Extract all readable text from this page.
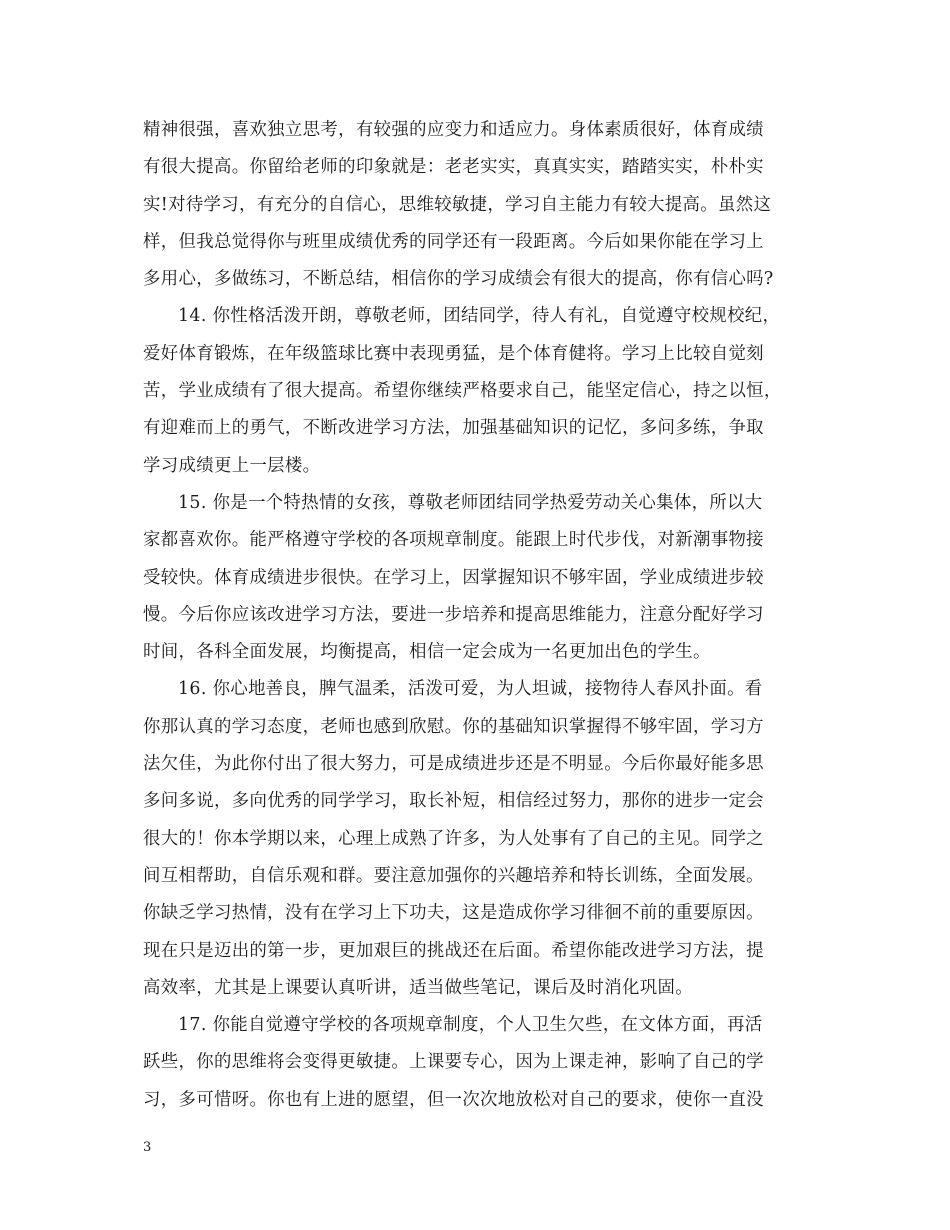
精神很强，喜欢独立思考，有较强的应变力和适应力。身体素质很好，体育成绩
有很大提高。你留给老师的印象就是：老老实实，真真实实，踏踏实实，朴朴实
实!对待学习，有充分的自信心，思维较敏捷，学习自主能力有较大提高。虽然这
样，但我总觉得你与班里成绩优秀的同学还有一段距离。今后如果你能在学习上
多用心，多做练习，不断总结，相信你的学习成绩会有很大的提高，你有信心吗?
14. 你性格活泼开朗，尊敬老师，团结同学，待人有礼，自觉遵守校规校纪，
爱好体育锻炼，在年级篮球比赛中表现勇猛，是个体育健将。学习上比较自觉刻
苦，学业成绩有了很大提高。希望你继续严格要求自己，能坚定信心，持之以恒，
有迎难而上的勇气，不断改进学习方法，加强基础知识的记忆，多问多练，争取
学习成绩更上一层楼。
15. 你是一个特热情的女孩，尊敬老师团结同学热爱劳动关心集体，所以大
家都喜欢你。能严格遵守学校的各项规章制度。能跟上时代步伐，对新潮事物接
受较快。体育成绩进步很快。在学习上，因掌握知识不够牢固，学业成绩进步较
慢。今后你应该改进学习方法，要进一步培养和提高思维能力，注意分配好学习
时间，各科全面发展，均衡提高，相信一定会成为一名更加出色的学生。
16. 你心地善良，脾气温柔，活泼可爱，为人坦诚，接物待人春风扑面。看
你那认真的学习态度，老师也感到欣慰。你的基础知识掌握得不够牢固，学习方
法欠佳，为此你付出了很大努力，可是成绩进步还是不明显。今后你最好能多思
多问多说，多向优秀的同学学习，取长补短，相信经过努力，那你的进步一定会
很大的！你本学期以来，心理上成熟了许多，为人处事有了自己的主见。同学之
间互相帮助，自信乐观和群。要注意加强你的兴趣培养和特长训练，全面发展。
你缺乏学习热情，没有在学习上下功夫，这是造成你学习徘徊不前的重要原因。
现在只是迈出的第一步，更加艰巨的挑战还在后面。希望你能改进学习方法，提
高效率，尤其是上课要认真听讲，适当做些笔记，课后及时消化巩固。
17. 你能自觉遵守学校的各项规章制度，个人卫生欠些，在文体方面，再活
跃些，你的思维将会变得更敏捷。上课要专心，因为上课走神，影响了自己的学
习，多可惜呀。你也有上进的愿望，但一次次地放松对自己的要求，使你一直没
3
